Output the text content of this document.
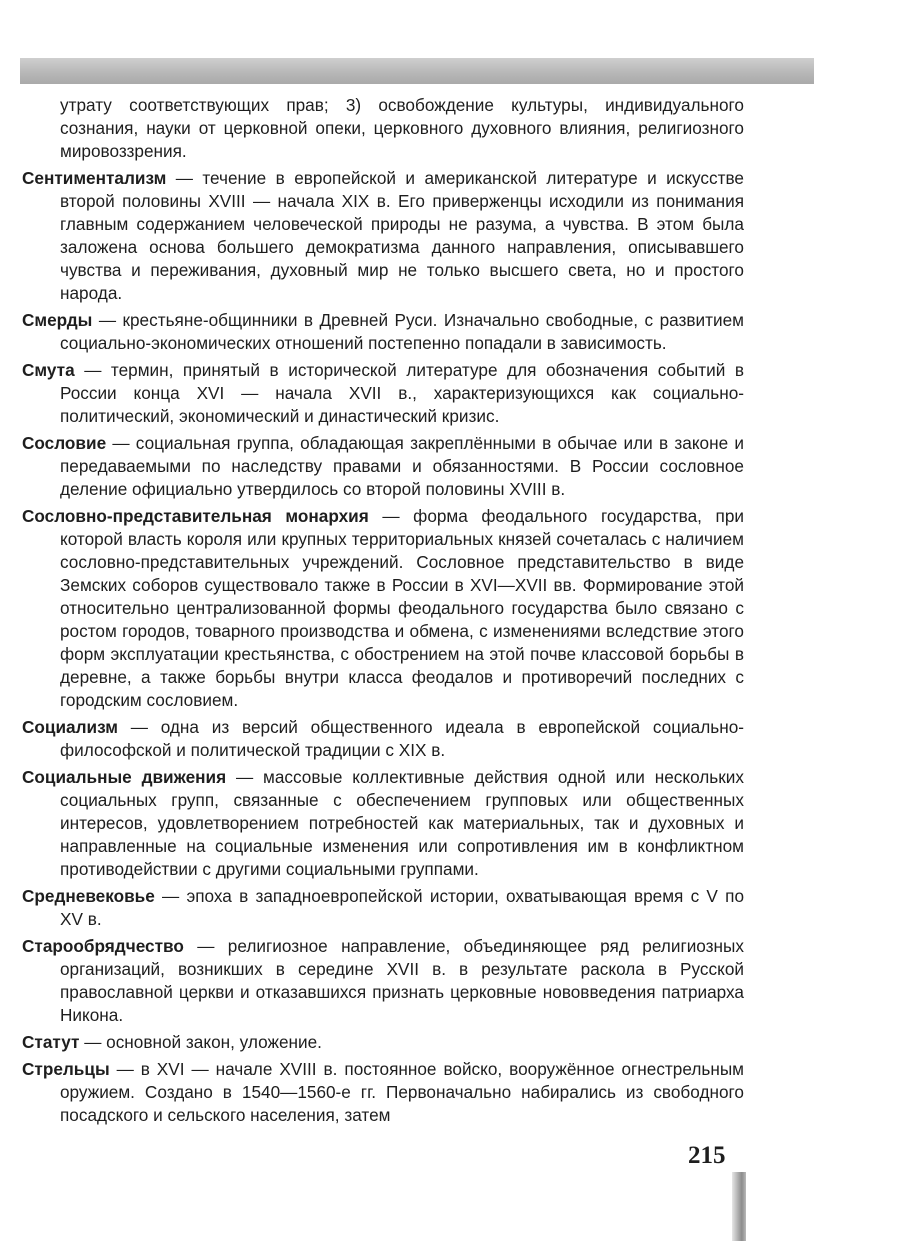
утрату соответствующих прав; 3) освобождение культуры, индивидуального сознания, науки от церковной опеки, церковного духовного влияния, религиозного мировоззрения.

Сентиментализм — течение в европейской и американской литературе и искусстве второй половины XVIII — начала XIX в. Его приверженцы исходили из понимания главным содержанием человеческой природы не разума, а чувства. В этом была заложена основа большего демократизма данного направления, описывавшего чувства и переживания, духовный мир не только высшего света, но и простого народа.

Смерды — крестьяне-общинники в Древней Руси. Изначально свободные, с развитием социально-экономических отношений постепенно попадали в зависимость.

Смута — термин, принятый в исторической литературе для обозначения событий в России конца XVI — начала XVII в., характеризующихся как социально-политический, экономический и династический кризис.

Сословие — социальная группа, обладающая закреплёнными в обычае или в законе и передаваемыми по наследству правами и обязанностями. В России сословное деление официально утвердилось со второй половины XVIII в.

Сословно-представительная монархия — форма феодального государства, при которой власть короля или крупных территориальных князей сочеталась с наличием сословно-представительных учреждений. Сословное представительство в виде Земских соборов существовало также в России в XVI—XVII вв. Формирование этой относительно централизованной формы феодального государства было связано с ростом городов, товарного производства и обмена, с изменениями вследствие этого форм эксплуатации крестьянства, с обострением на этой почве классовой борьбы в деревне, а также борьбы внутри класса феодалов и противоречий последних с городским сословием.

Социализм — одна из версий общественного идеала в европейской социально-философской и политической традиции с XIX в.

Социальные движения — массовые коллективные действия одной или нескольких социальных групп, связанные с обеспечением групповых или общественных интересов, удовлетворением потребностей как материальных, так и духовных и направленные на социальные изменения или сопротивления им в конфликтном противодействии с другими социальными группами.

Средневековье — эпоха в западноевропейской истории, охватывающая время с V по XV в.

Старообрядчество — религиозное направление, объединяющее ряд религиозных организаций, возникших в середине XVII в. в результате раскола в Русской православной церкви и отказавшихся признать церковные нововведения патриарха Никона.

Статут — основной закон, уложение.

Стрельцы — в XVI — начале XVIII в. постоянное войско, вооружённое огнестрельным оружием. Создано в 1540—1560-е гг. Первоначально набирались из свободного посадского и сельского населения, затем

215
